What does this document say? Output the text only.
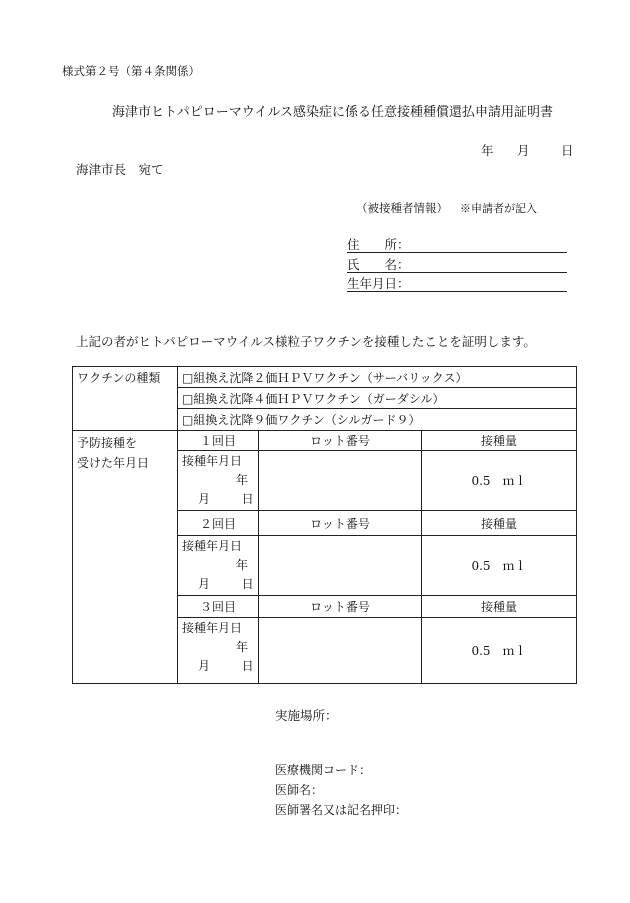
様式第２号（第４条関係）
海津市ヒトパピローマウイルス感染症に係る任意接種種償還払申請用証明書
年 月	日
海津市長　宛て
（被接種者情報） ※申請者が記入
住　　所：
氏　　名：
生年月日：
上記の者がヒトパピローマウイルス様粒子ワクチンを接種したことを証明します。
ワクチンの種類	□組換え沈降２価ＨＰＶワクチン（サーバリックス）		
	□組換え沈降４価ＨＰＶワクチン（ガーダシル）		
	□組換え沈降９価ワクチン（シルガード９）		

予防接種を
受けた年月日	１回目	ロット番号	接種量

	接種年月日
年
月 日		0.5　ｍｌ
	２回目	ロット番号	接種量

	接種年月日
年
月 日		0.5　ｍｌ
	３回目	ロット番号	接種量

	接種年月日
年
月 日		0.5　ｍｌ
実施場所：
医療機関コード：
医師名：
医師署名又は記名押印：
